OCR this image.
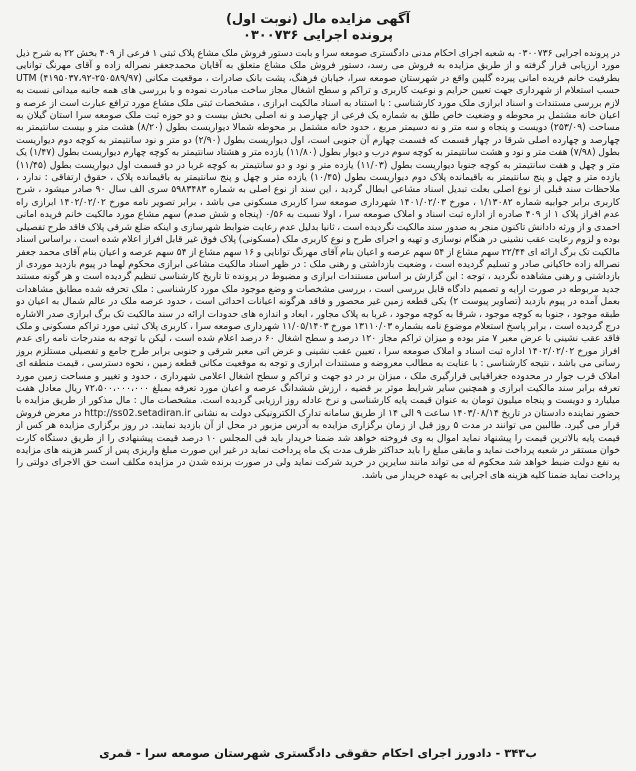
آگهی مزایده مال (نوبت اول)
پرونده اجرایی ۰۳۰۰۷۳۶

در پرونده اجرایی ۰۳۰۰۷۳۶ به شعبه اجرای احکام مدنی دادگستری صومعه سرا و بابت دستور فروش ملک مشاع پلاک ثبتی ۱ فرعی از ۴۰۹ بخش ۲۲ به شرح ذیل مورد ارزیابی قرار گرفته و از طریق مزایده به فروش می رسد، دستور فروش ملک مشاع متعلق به آقایان محمدجعفر نصراله زاده و آقای مهرنگ توانایی بطرفیت خانم فریده امانی پیرده گلپین واقع در شهرستان صومعه سرا، خیابان فرهنگ، پشت بانک صادرات ، موقعیت مکانی UTM (۴۱۹۵۰۳۷،۹۲-۲۵۰۵۸۹/۹۷) حسب استعلام از شهرداری جهت تعیین حرایم و نوعیت کاربری و تراکم و سطح اشغال مجاز ساخت مبادرت نموده و با بررسی های همه جانبه میدانی نسبت به لازم بررسی مستندات و اسناد ابرازی ملک مورد کارشناسی : با استناد به اسناد مالکیت ابرازی ، مشخصات ثبتی ملک مشاع مورد ترافع عبارت است از عرصه و اعیان خانه مشتمل بر محوطه و وضعیت خاص طلق به شماره یک فرعی از چهارصد و نه اصلی بخش بیست و دو حوزه ثبت ملک صومعه سرا استان گیلان به مساحت (۲۵۳/۰۹) دویست و پنجاه و سه متر و نه دسیمتر مربع ، حدود خانه مشتمل بر محوطه شمالا دیواریست بطول (۸/۲۰) هشت متر و بیست سانتیمتر به چهارصد و چهارده اصلی شرقا در چهار قسمت که قسمت چهارم آن جنوبی است، اول دیواریست بطول (۲/۹۰) دو متر و نود سانتیمتر به کوچه دوم دیواریست بطول (۷/۹۸) هفت متر و نود و هشت سانتیمتر به کوچه سوم درب و دیوار بطول (۱۱/۸۰) یازده متر و هشتاد سانتیمتر به کوچه چهارم دیواریست بطول (۱/۴۷) یک متر و چهل و هفت سانتیمتر به کوچه جنوبا دیواریست بطول (۱۱/۰۳) یازده متر و نود و دو سانتیمتر به کوچه غربا در دو قسمت اول دیواریست بطول (۱۱/۴۵) یازده متر و چهل و پنج سانتیمتر به باقیمانده پلاک دوم دیواریست بطول (۱۰/۴۵) یازده متر و چهل و پنج سانتیمتر به باقیمانده پلاک ، حقوق ارتفاقی : ندارد ، ملاحظات سند قبلی از نوع اصلی بعلت تبدیل اسناد مشاعی ابطال گردید ، این سند از نوع اصلی به شماره ۵۹۸۳۴۸۳ سری الف سال ۹۰ صادر میشود ، شرح کاربری برابر جوابیه شماره ۱/۱۳۰۸۲ ، مورخ ۱۴۰۱/۰۲/۰۳ شهرداری صومعه سرا کاربری مسکونی می باشد ، برابر تصویر نامه مورخ ۱۴۰۲/۰۲/۰۲ ابرازی راه عدم افراز پلاک ۱ از ۴۰۹ صادره از اداره ثبت اسناد و املاک صومعه سرا ، اولا نسبت به ۰/۵۶ (پنجاه و شش صدم) سهم مشاع مورد مالکیت خانم فریده امانی احمدی و از ورثه دادانش تاکنون منجر به صدور سند مالکیت نگردیده است ، ثانیا بدلیل عدم رعایت ضوابط شهرسازی و اینکه ضلع شرقی پلاک فاقد طرح تفصیلی بوده و لزوم رعایت عقب نشینی در هنگام نوسازی و تهیه و اجرای طرح و نوع کاربری ملک (مسکونی) پلاک فوق غیر قابل افراز اعلام شده است ، براساس اسناد مالکیت تک برگ ارائه ای ۲۲/۴۴ سهم مشاع از ۵۴ سهم عرصه و اعیان بنام آقای مهرنگ توانایی و ۱۶ سهم مشاع از ۵۴ سهم عرصه و اعیان بنام آقای محمد جعفر نصراله زاده خاکیانی صادر و تسلیم گردیده است ، وضعیت بازداشتی و رهنی ملک : در ظهر اسناد مالکیت مشاعی ابرازی محکوم لهما در پیوم بازدید موردی از بازداشتی و رهنی مشاهده نگردید ، توجه : این گزارش بر اساس مستندات ابرازی و مضبوط در پرونده تا تاریخ کارشناسی تنظیم گردیده است و هر گونه مستند جدید مربوطه در صورت ارایه و تصمیم دادگاه قابل بررسی است ، بررسی مشخصات و وضع موجود ملک مورد کارشناسی : ملک تحرفه شده مطابق مشاهدات بعمل آمده در پیوم بازدید (تصاویر پیوست ۲) یکی قطعه زمین غیر محصور و فاقد هرگونه اعیانات احداثی است ، حدود عرصه ملک در عالم شمال به اعیان دو طبقه موجود ، جنوبا به کوچه موجود ، شرقا به کوچه موجود ، غربا به پلاک مجاور ، ابعاد و اندازه های حدودات ارائه در سند مالکیت تک برگ ابرازی صدر الاشاره درج گردیده است ، برابر پاسخ استعلام موضوع نامه بشماره ۱۳۱۱۰/۰۳ مورخ ۱۱/۰۵/۱۴۰۳ شهرداری صومعه سرا ، کاربری پلاک ثبتی مورد تراکم مسکونی و ملک فاقد عقب نشینی با عرض معبر ۷ متر بوده و میزان تراکم مجاز ۱۲۰ درصد و سطح اشغال ۶۰ درصد اعلام شده است ، لیکن با توجه به مندرجات نامه رای عدم افراز مورخ ۱۴۰۲/۰۲/۰۲ اداره ثبت اسناد و املاک صومعه سرا ، تعیین عقب نشینی و عرض اتی معبر شرقی و جنوبی برابر طرح جامع و تفصیلی مستلزم بروز رسانی می باشد ، نتیجه کارشناسی : با عنایت به مطالب معروضه و مستندات ابرازی و توجه به موقعیت مکانی قطعه زمین ، نحوه دسترسی ، قیمت منطقه ای املاک قرب جوار در محدوده جغرافیایی قرارگیری ملک ، میزان بر در دو جهت و تراکم و سطح اشغال اعلامی شهرداری ، حدود و تغییر و مساحت زمین مورد تعرفه برابر سند مالکیت ابرازی و همچنین سایر شرایط موثر بر قضیه ، ارزش ششدانگ عرصه و اعیان مورد تعرفه بمبلغ ۷۲،۵۰۰،۰۰۰،۰۰۰ ریال معادل هفت میلیارد و دویست و پنجاه میلیون تومان به عنوان قیمت پایه کارشناسی و نرخ عادله روز ارزیابی گردیده است. مشخصات مال : مال مذکور از طریق مزایده با حضور نماینده دادستان در تاریخ ۱۴۰۳/۰۸/۱۴ ساعت ۹ الی ۱۴ از طریق سامانه تدارک الکترونیکی دولت به نشانی http://ss02.setadiran.ir در معرض فروش قرار می گیرد. طالبین می توانند در مدت ۵ روز قبل از زمان برگزاری مزایده به آدرس مزبور در محل از آن بازدید نمایند. در روز برگزاری مزایده هر کس از قیمت پایه بالاترین قیمت را پیشنهاد نماید اموال به وی فروخته خواهد شد ضمنا خریدار باید فی المجلس ۱۰ درصد قیمت پیشنهادی را از طریق دستگاه کارت خوان مستقر در شعبه پرداخت نماید و مابقی مبلغ را باید حداکثر ظرف مدت یک ماه پرداخت نماید در غیر این صورت مبلغ واریزی پس از کسر هزینه های مزایده به نفع دولت ضبط خواهد شد محکوم له می تواند مانند سایرین در خرید شرکت نماید ولی در صورت برنده شدن در مزایده مکلف است حق الاجرای دولتی را پرداخت نماید ضمنا کلیه هزینه های اجرایی به عهده خریدار می باشد.

ب۳۴۳ - دادورز اجرای احکام حقوقی دادگستری شهرستان صومعه سرا - قمری
